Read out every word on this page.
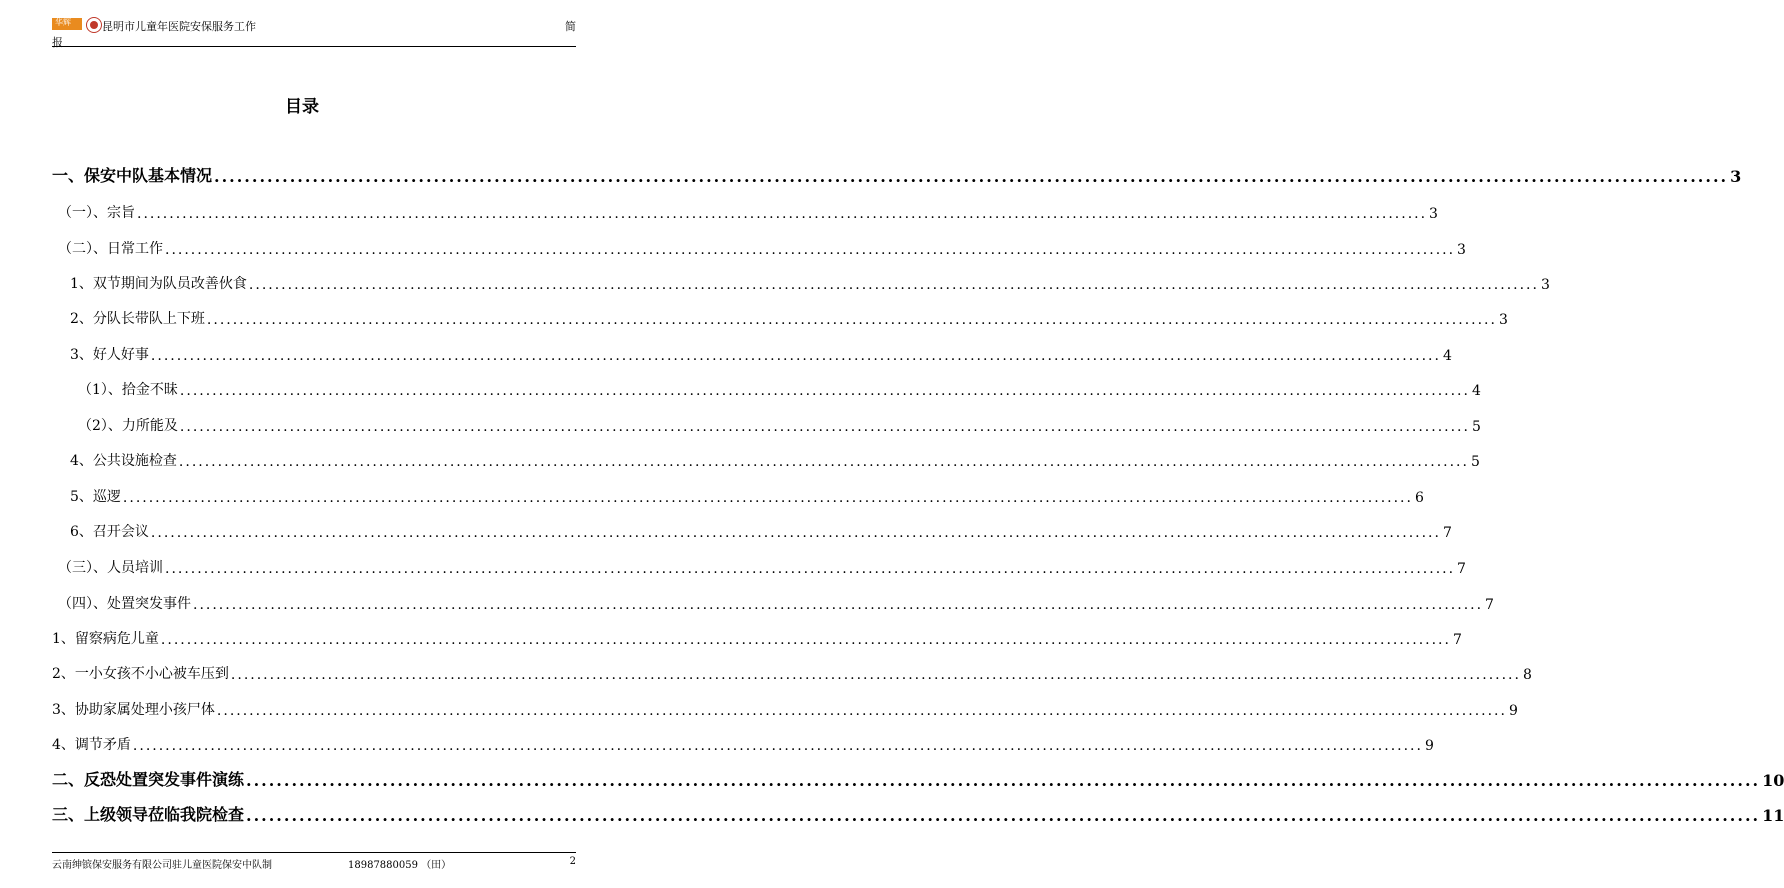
华辉	昆明市儿童年医院安保服务工作	简
报
目录
一、保安中队基本情况 ........................................................................................................................................................................................................ 3
（一）、宗旨 ........................................................................................................................................................................................................ 3
（二）、日常工作 ........................................................................................................................................................................................................ 3
1、双节期间为队员改善伙食 ........................................................................................................................................................................................................ 3
2、分队长带队上下班 ........................................................................................................................................................................................................ 3
3、好人好事 ........................................................................................................................................................................................................ 4
（1）、拾金不昧 ........................................................................................................................................................................................................ 4
（2）、力所能及 ........................................................................................................................................................................................................ 5
4、公共设施检查 ........................................................................................................................................................................................................ 5
5、巡逻 ........................................................................................................................................................................................................ 6
6、召开会议 ........................................................................................................................................................................................................ 7
（三）、人员培训 ........................................................................................................................................................................................................ 7
（四）、处置突发事件 ........................................................................................................................................................................................................ 7
1、留察病危儿童 ........................................................................................................................................................................................................ 7
2、一小女孩不小心被车压到 ........................................................................................................................................................................................................ 8
3、协助家属处理小孩尸体 ........................................................................................................................................................................................................ 9
4、调节矛盾 ........................................................................................................................................................................................................ 9
二、反恐处置突发事件演练 ........................................................................................................................................................................................................ 10
三、上级领导莅临我院检查 ........................................................................................................................................................................................................ 11
云南绅镔保安服务有限公司驻儿童医院保安中队制	18987880059 （田）	2
